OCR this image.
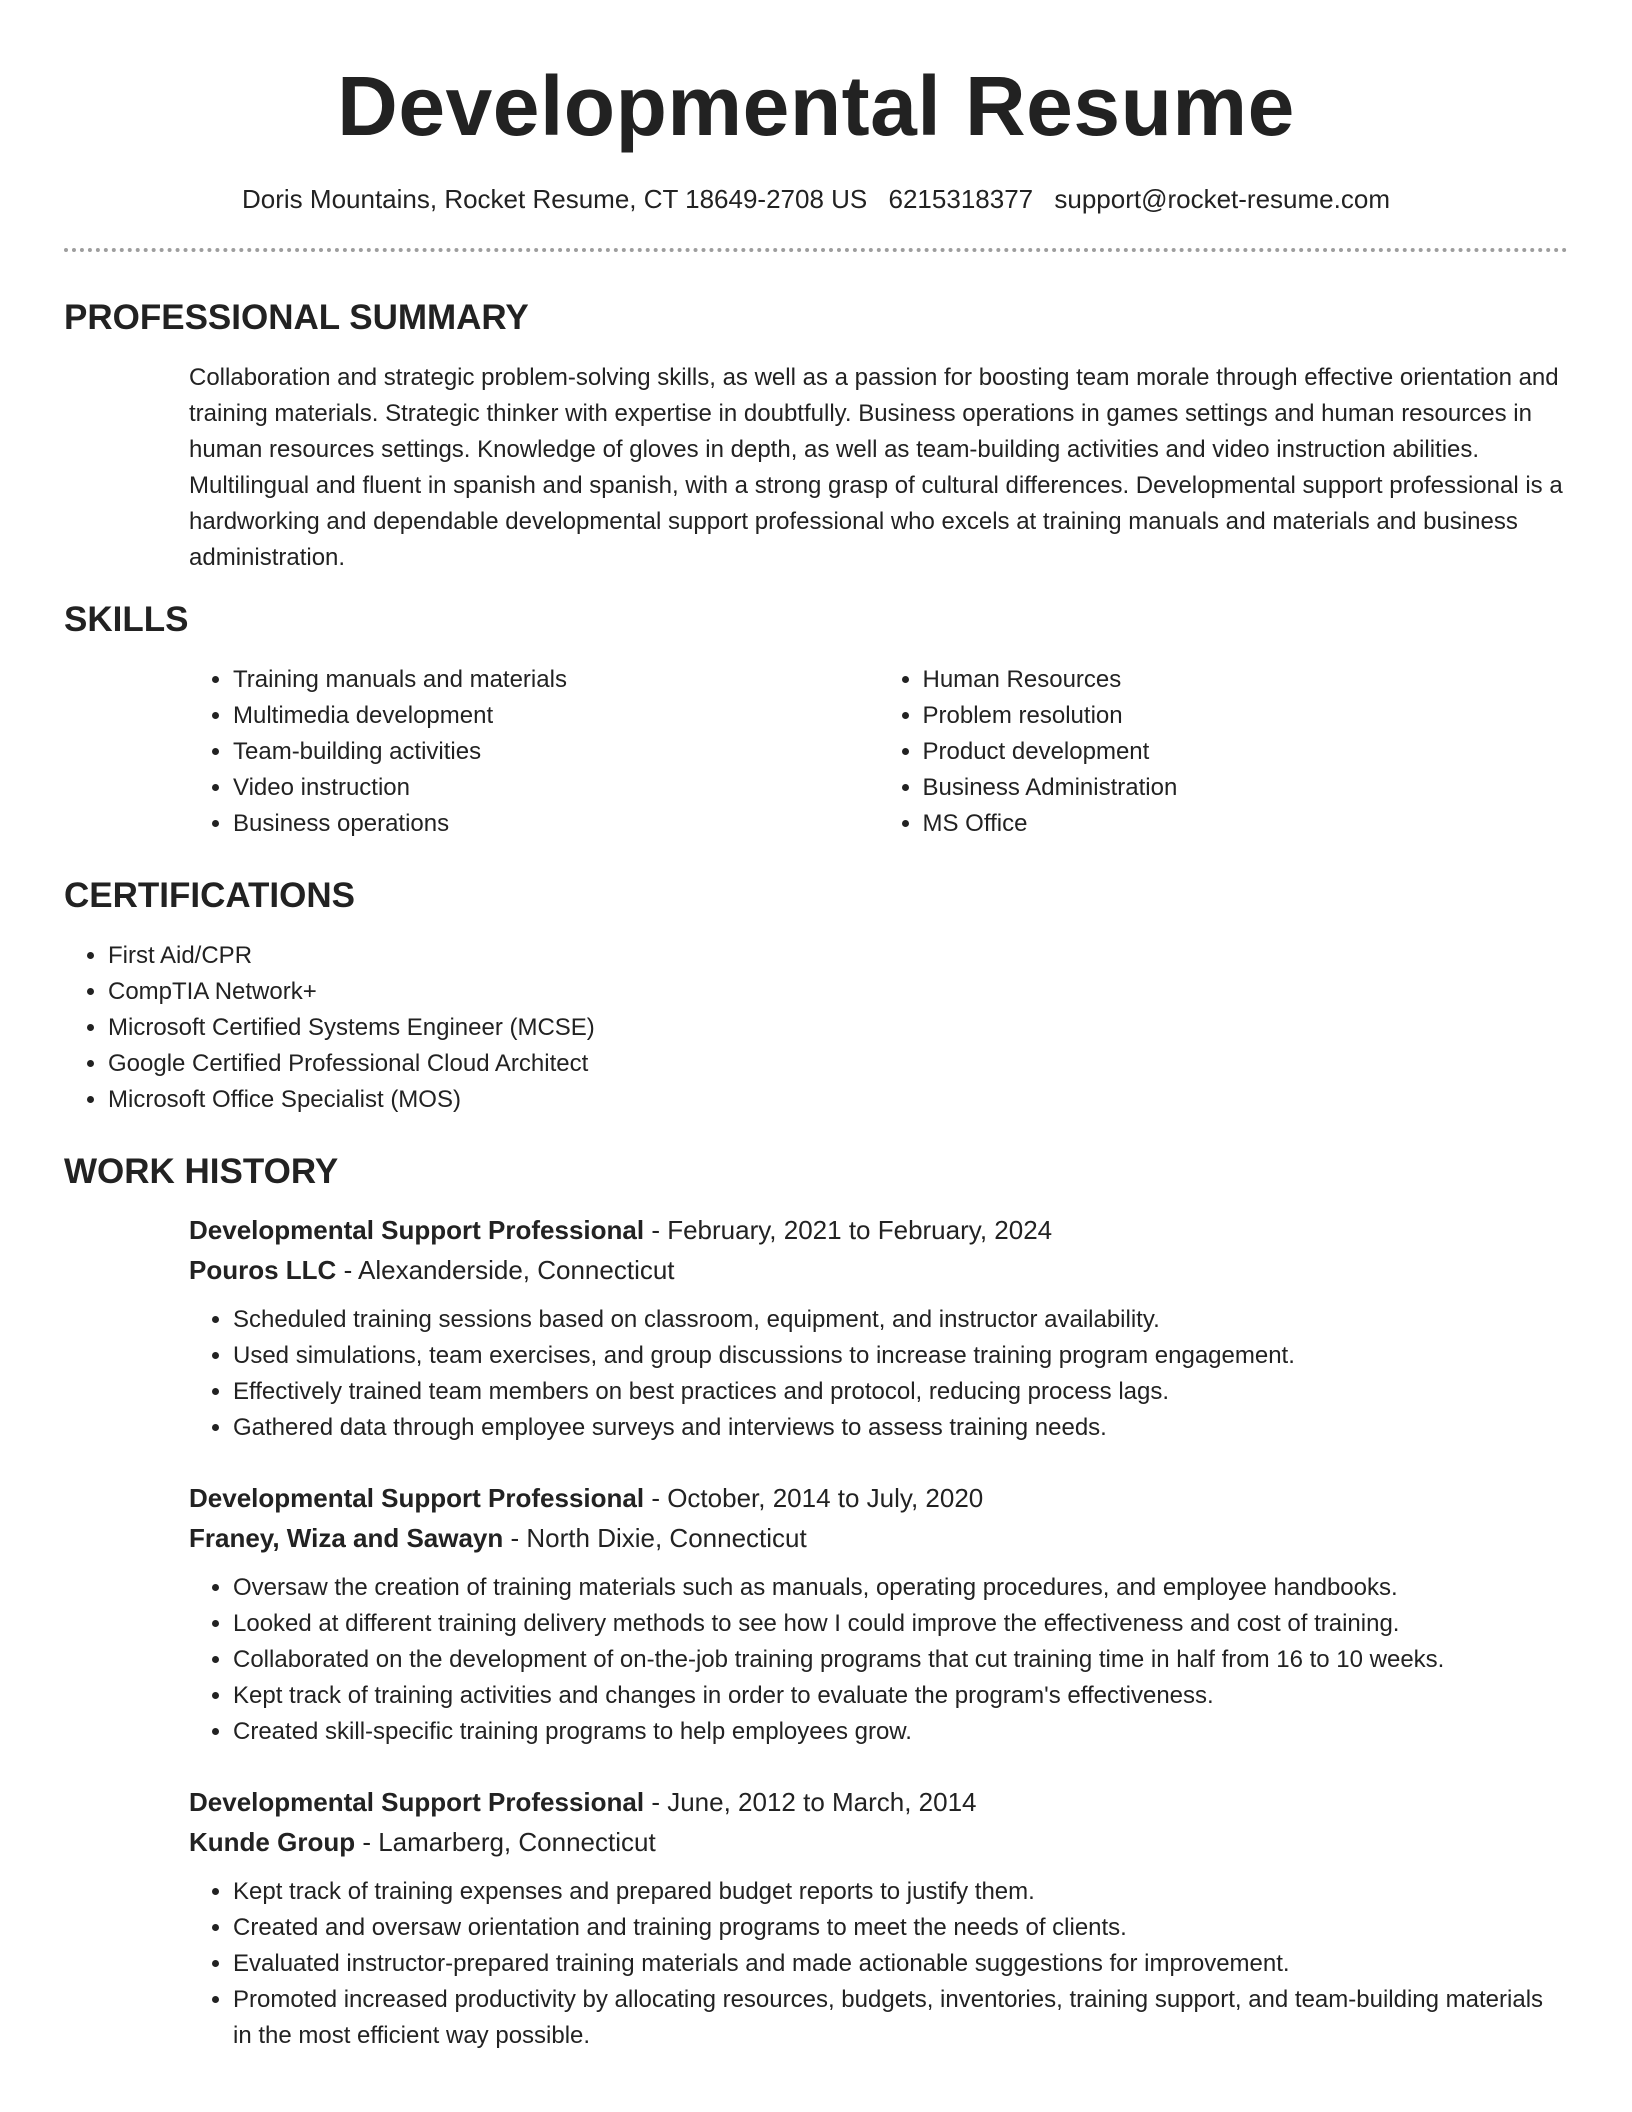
Developmental Resume
Doris Mountains, Rocket Resume, CT 18649-2708 US 6215318377 support@rocket-resume.com
PROFESSIONAL SUMMARY

Collaboration and strategic problem-solving skills, as well as a passion for boosting team morale through effective orientation and training materials. Strategic thinker with expertise in doubtfully. Business operations in games settings and human resources in human resources settings. Knowledge of gloves in depth, as well as team-building activities and video instruction abilities. Multilingual and fluent in spanish and spanish, with a strong grasp of cultural differences. Developmental support professional is a hardworking and dependable developmental support professional who excels at training manuals and materials and business administration.

SKILLS
• Training manuals and materials
• Multimedia development
• Team-building activities
• Video instruction
• Business operations
• Human Resources
• Problem resolution
• Product development
• Business Administration
• MS Office
CERTIFICATIONS
• First Aid/CPR
• CompTIA Network+
• Microsoft Certified Systems Engineer (MCSE)
• Google Certified Professional Cloud Architect
• Microsoft Office Specialist (MOS)
WORK HISTORY
Developmental Support Professional - February, 2021 to February, 2024
Pouros LLC - Alexanderside, Connecticut
• Scheduled training sessions based on classroom, equipment, and instructor availability.
• Used simulations, team exercises, and group discussions to increase training program engagement.
• Effectively trained team members on best practices and protocol, reducing process lags.
• Gathered data through employee surveys and interviews to assess training needs.
Developmental Support Professional - October, 2014 to July, 2020
Franey, Wiza and Sawayn - North Dixie, Connecticut
• Oversaw the creation of training materials such as manuals, operating procedures, and employee handbooks.
• Looked at different training delivery methods to see how I could improve the effectiveness and cost of training.
• Collaborated on the development of on-the-job training programs that cut training time in half from 16 to 10 weeks.
• Kept track of training activities and changes in order to evaluate the program's effectiveness.
• Created skill-specific training programs to help employees grow.
Developmental Support Professional - June, 2012 to March, 2014
Kunde Group - Lamarberg, Connecticut
• Kept track of training expenses and prepared budget reports to justify them.
• Created and oversaw orientation and training programs to meet the needs of clients.
• Evaluated instructor-prepared training materials and made actionable suggestions for improvement.
• Promoted increased productivity by allocating resources, budgets, inventories, training support, and team-building materials in the most efficient way possible.
